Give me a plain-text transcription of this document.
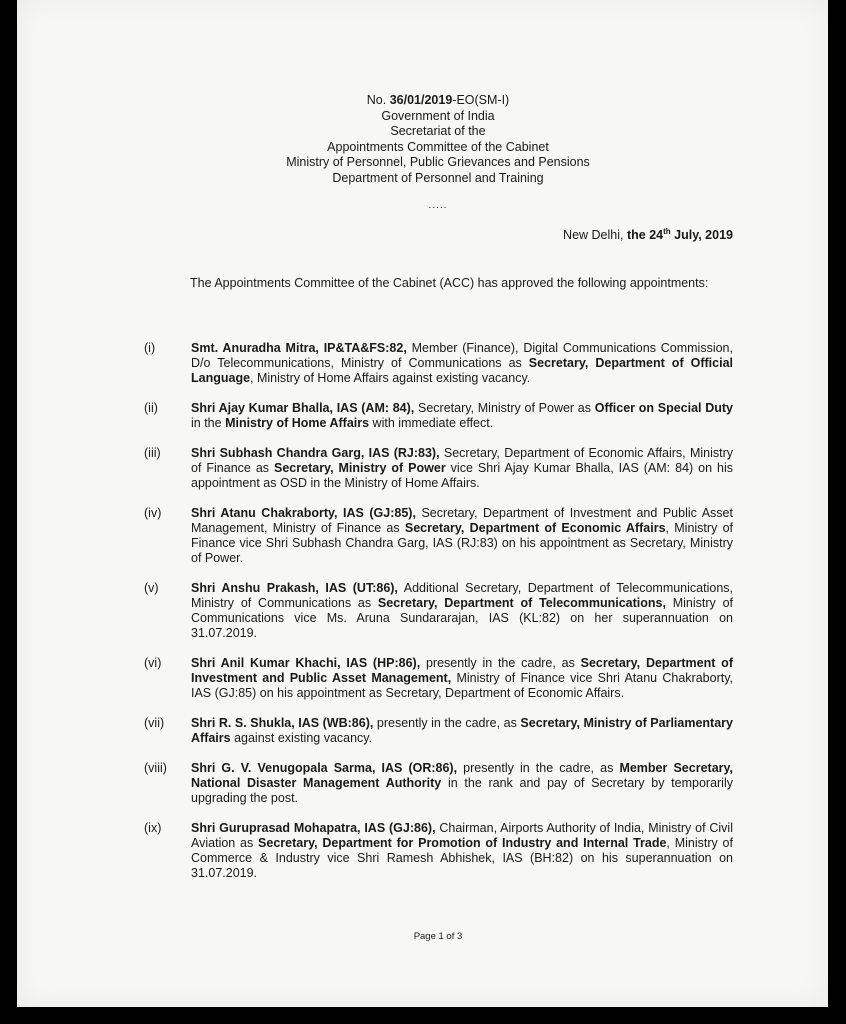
No. 36/01/2019-EO(SM-I)
Government of India
Secretariat of the
Appointments Committee of the Cabinet
Ministry of Personnel, Public Grievances and Pensions
Department of Personnel and Training
.....
New Delhi, the 24th July, 2019
The Appointments Committee of the Cabinet (ACC) has approved the following appointments:
(i)	Smt. Anuradha Mitra, IP&TA&FS:82, Member (Finance), Digital Communications Commission, D/o Telecommunications, Ministry of Communications as Secretary, Department of Official Language, Ministry of Home Affairs against existing vacancy.
(ii)	Shri Ajay Kumar Bhalla, IAS (AM: 84), Secretary, Ministry of Power as Officer on Special Duty in the Ministry of Home Affairs with immediate effect.
(iii)	Shri Subhash Chandra Garg, IAS (RJ:83), Secretary, Department of Economic Affairs, Ministry of Finance as Secretary, Ministry of Power vice Shri Ajay Kumar Bhalla, IAS (AM: 84) on his appointment as OSD in the Ministry of Home Affairs.
(iv)	Shri Atanu Chakraborty, IAS (GJ:85), Secretary, Department of Investment and Public Asset Management, Ministry of Finance as Secretary, Department of Economic Affairs, Ministry of Finance vice Shri Subhash Chandra Garg, IAS (RJ:83) on his appointment as Secretary, Ministry of Power.
(v)	Shri Anshu Prakash, IAS (UT:86), Additional Secretary, Department of Telecommunications, Ministry of Communications as Secretary, Department of Telecommunications, Ministry of Communications vice Ms. Aruna Sundararajan, IAS (KL:82) on her superannuation on 31.07.2019.
(vi)	Shri Anil Kumar Khachi, IAS (HP:86), presently in the cadre, as Secretary, Department of Investment and Public Asset Management, Ministry of Finance vice Shri Atanu Chakraborty, IAS (GJ:85) on his appointment as Secretary, Department of Economic Affairs.
(vii)	Shri R. S. Shukla, IAS (WB:86), presently in the cadre, as Secretary, Ministry of Parliamentary Affairs against existing vacancy.
(viii)	Shri G. V. Venugopala Sarma, IAS (OR:86), presently in the cadre, as Member Secretary, National Disaster Management Authority in the rank and pay of Secretary by temporarily upgrading the post.
(ix)	Shri Guruprasad Mohapatra, IAS (GJ:86), Chairman, Airports Authority of India, Ministry of Civil Aviation as Secretary, Department for Promotion of Industry and Internal Trade, Ministry of Commerce & Industry vice Shri Ramesh Abhishek, IAS (BH:82) on his superannuation on 31.07.2019.
Page 1 of 3
